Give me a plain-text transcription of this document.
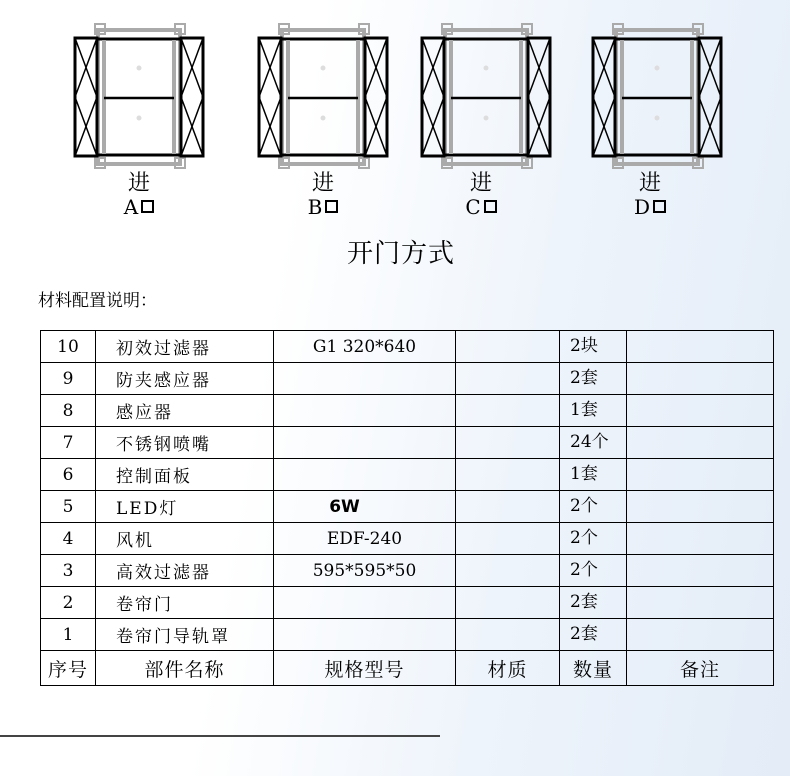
进
A
进
B
进
C
进
D
开门方式
材料配置说明：
10	初效过滤器	G1 320*640		2块	
9	防夹感应器			2套	
8	感应器			1套	
7	不锈钢喷嘴			24个	
6	控制面板			1套	
5	LED灯	6W		2个	
4	风机	EDF-240		2个	
3	高效过滤器	595*595*50		2个	
2	卷帘门			2套	
1	卷帘门导轨罩			2套	
序号	部件名称	规格型号	材质	数量	备注
